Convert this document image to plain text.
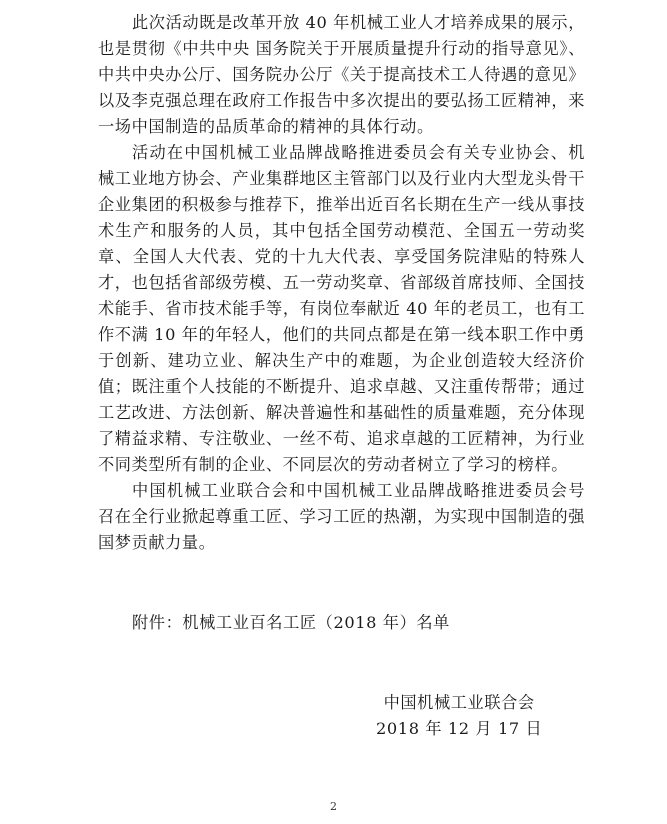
此次活动既是改革开放 40 年机械工业人才培养成果的展示，也是贯彻《中共中央 国务院关于开展质量提升行动的指导意见》、中共中央办公厅、国务院办公厅《关于提高技术工人待遇的意见》以及李克强总理在政府工作报告中多次提出的要弘扬工匠精神，来一场中国制造的品质革命的精神的具体行动。

活动在中国机械工业品牌战略推进委员会有关专业协会、机械工业地方协会、产业集群地区主管部门以及行业内大型龙头骨干企业集团的积极参与推荐下，推举出近百名长期在生产一线从事技术生产和服务的人员，其中包括全国劳动模范、全国五一劳动奖章、全国人大代表、党的十九大代表、享受国务院津贴的特殊人才，也包括省部级劳模、五一劳动奖章、省部级首席技师、全国技术能手、省市技术能手等，有岗位奉献近 40 年的老员工，也有工作不满 10 年的年轻人，他们的共同点都是在第一线本职工作中勇于创新、建功立业、解决生产中的难题，为企业创造较大经济价值；既注重个人技能的不断提升、追求卓越、又注重传帮带；通过工艺改进、方法创新、解决普遍性和基础性的质量难题，充分体现了精益求精、专注敬业、一丝不苟、追求卓越的工匠精神，为行业不同类型所有制的企业、不同层次的劳动者树立了学习的榜样。

中国机械工业联合会和中国机械工业品牌战略推进委员会号召在全行业掀起尊重工匠、学习工匠的热潮，为实现中国制造的强国梦贡献力量。

附件：机械工业百名工匠（2018 年）名单
中国机械工业联合会
2018 年 12 月 17 日
2
